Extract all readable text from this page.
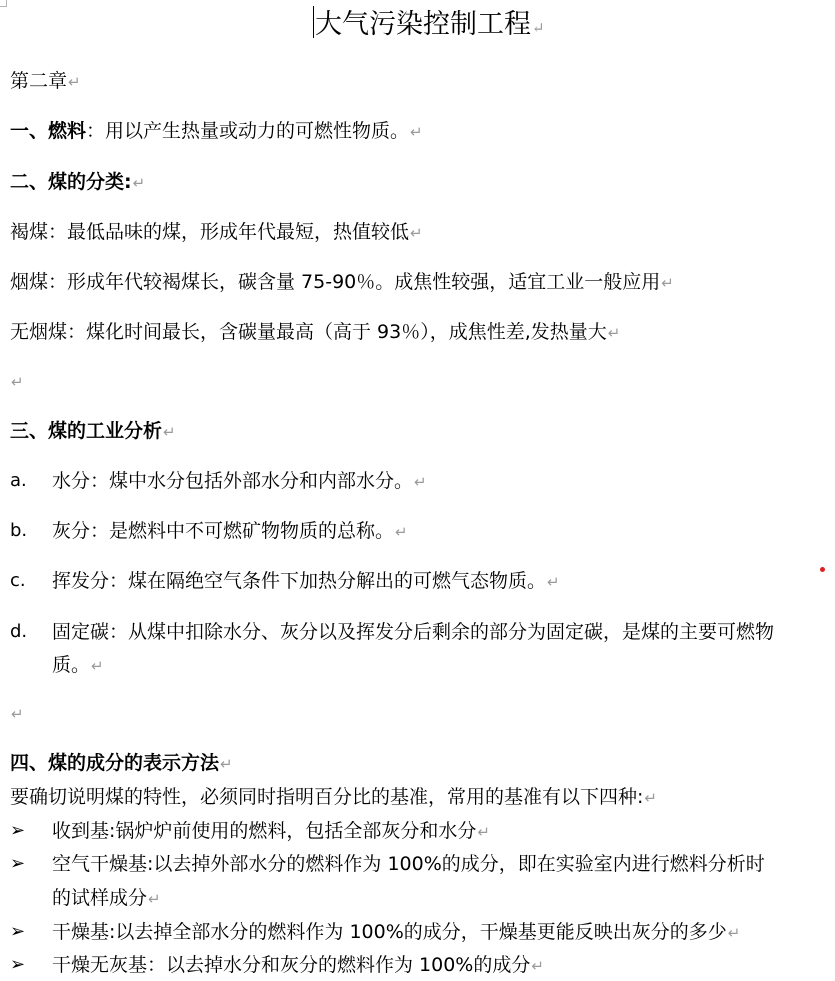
大气污染控制工程↵
第二章↵
一、燃料：用以产生热量或动力的可燃性物质。↵
二、煤的分类:↵
褐煤：最低品味的煤，形成年代最短，热值较低↵
烟煤：形成年代较褐煤长，碳含量 75-90％。成焦性较强，适宜工业一般应用↵
无烟煤：煤化时间最长，含碳量最高（高于 93％），成焦性差,发热量大↵
↵
三、煤的工业分析↵
a. 水分：煤中水分包括外部水分和内部水分。↵
b. 灰分：是燃料中不可燃矿物物质的总称。↵
c. 挥发分：煤在隔绝空气条件下加热分解出的可燃气态物质。↵
d. 固定碳：从煤中扣除水分、灰分以及挥发分后剩余的部分为固定碳，是煤的主要可燃物
质。↵
↵
四、煤的成分的表示方法↵
要确切说明煤的特性，必须同时指明百分比的基准，常用的基准有以下四种:↵
➢ 收到基:锅炉炉前使用的燃料，包括全部灰分和水分↵
➢ 空气干燥基:以去掉外部水分的燃料作为 100%的成分，即在实验室内进行燃料分析时
的试样成分↵
➢ 干燥基:以去掉全部水分的燃料作为 100%的成分，干燥基更能反映出灰分的多少↵
➢ 干燥无灰基：以去掉水分和灰分的燃料作为 100%的成分↵
